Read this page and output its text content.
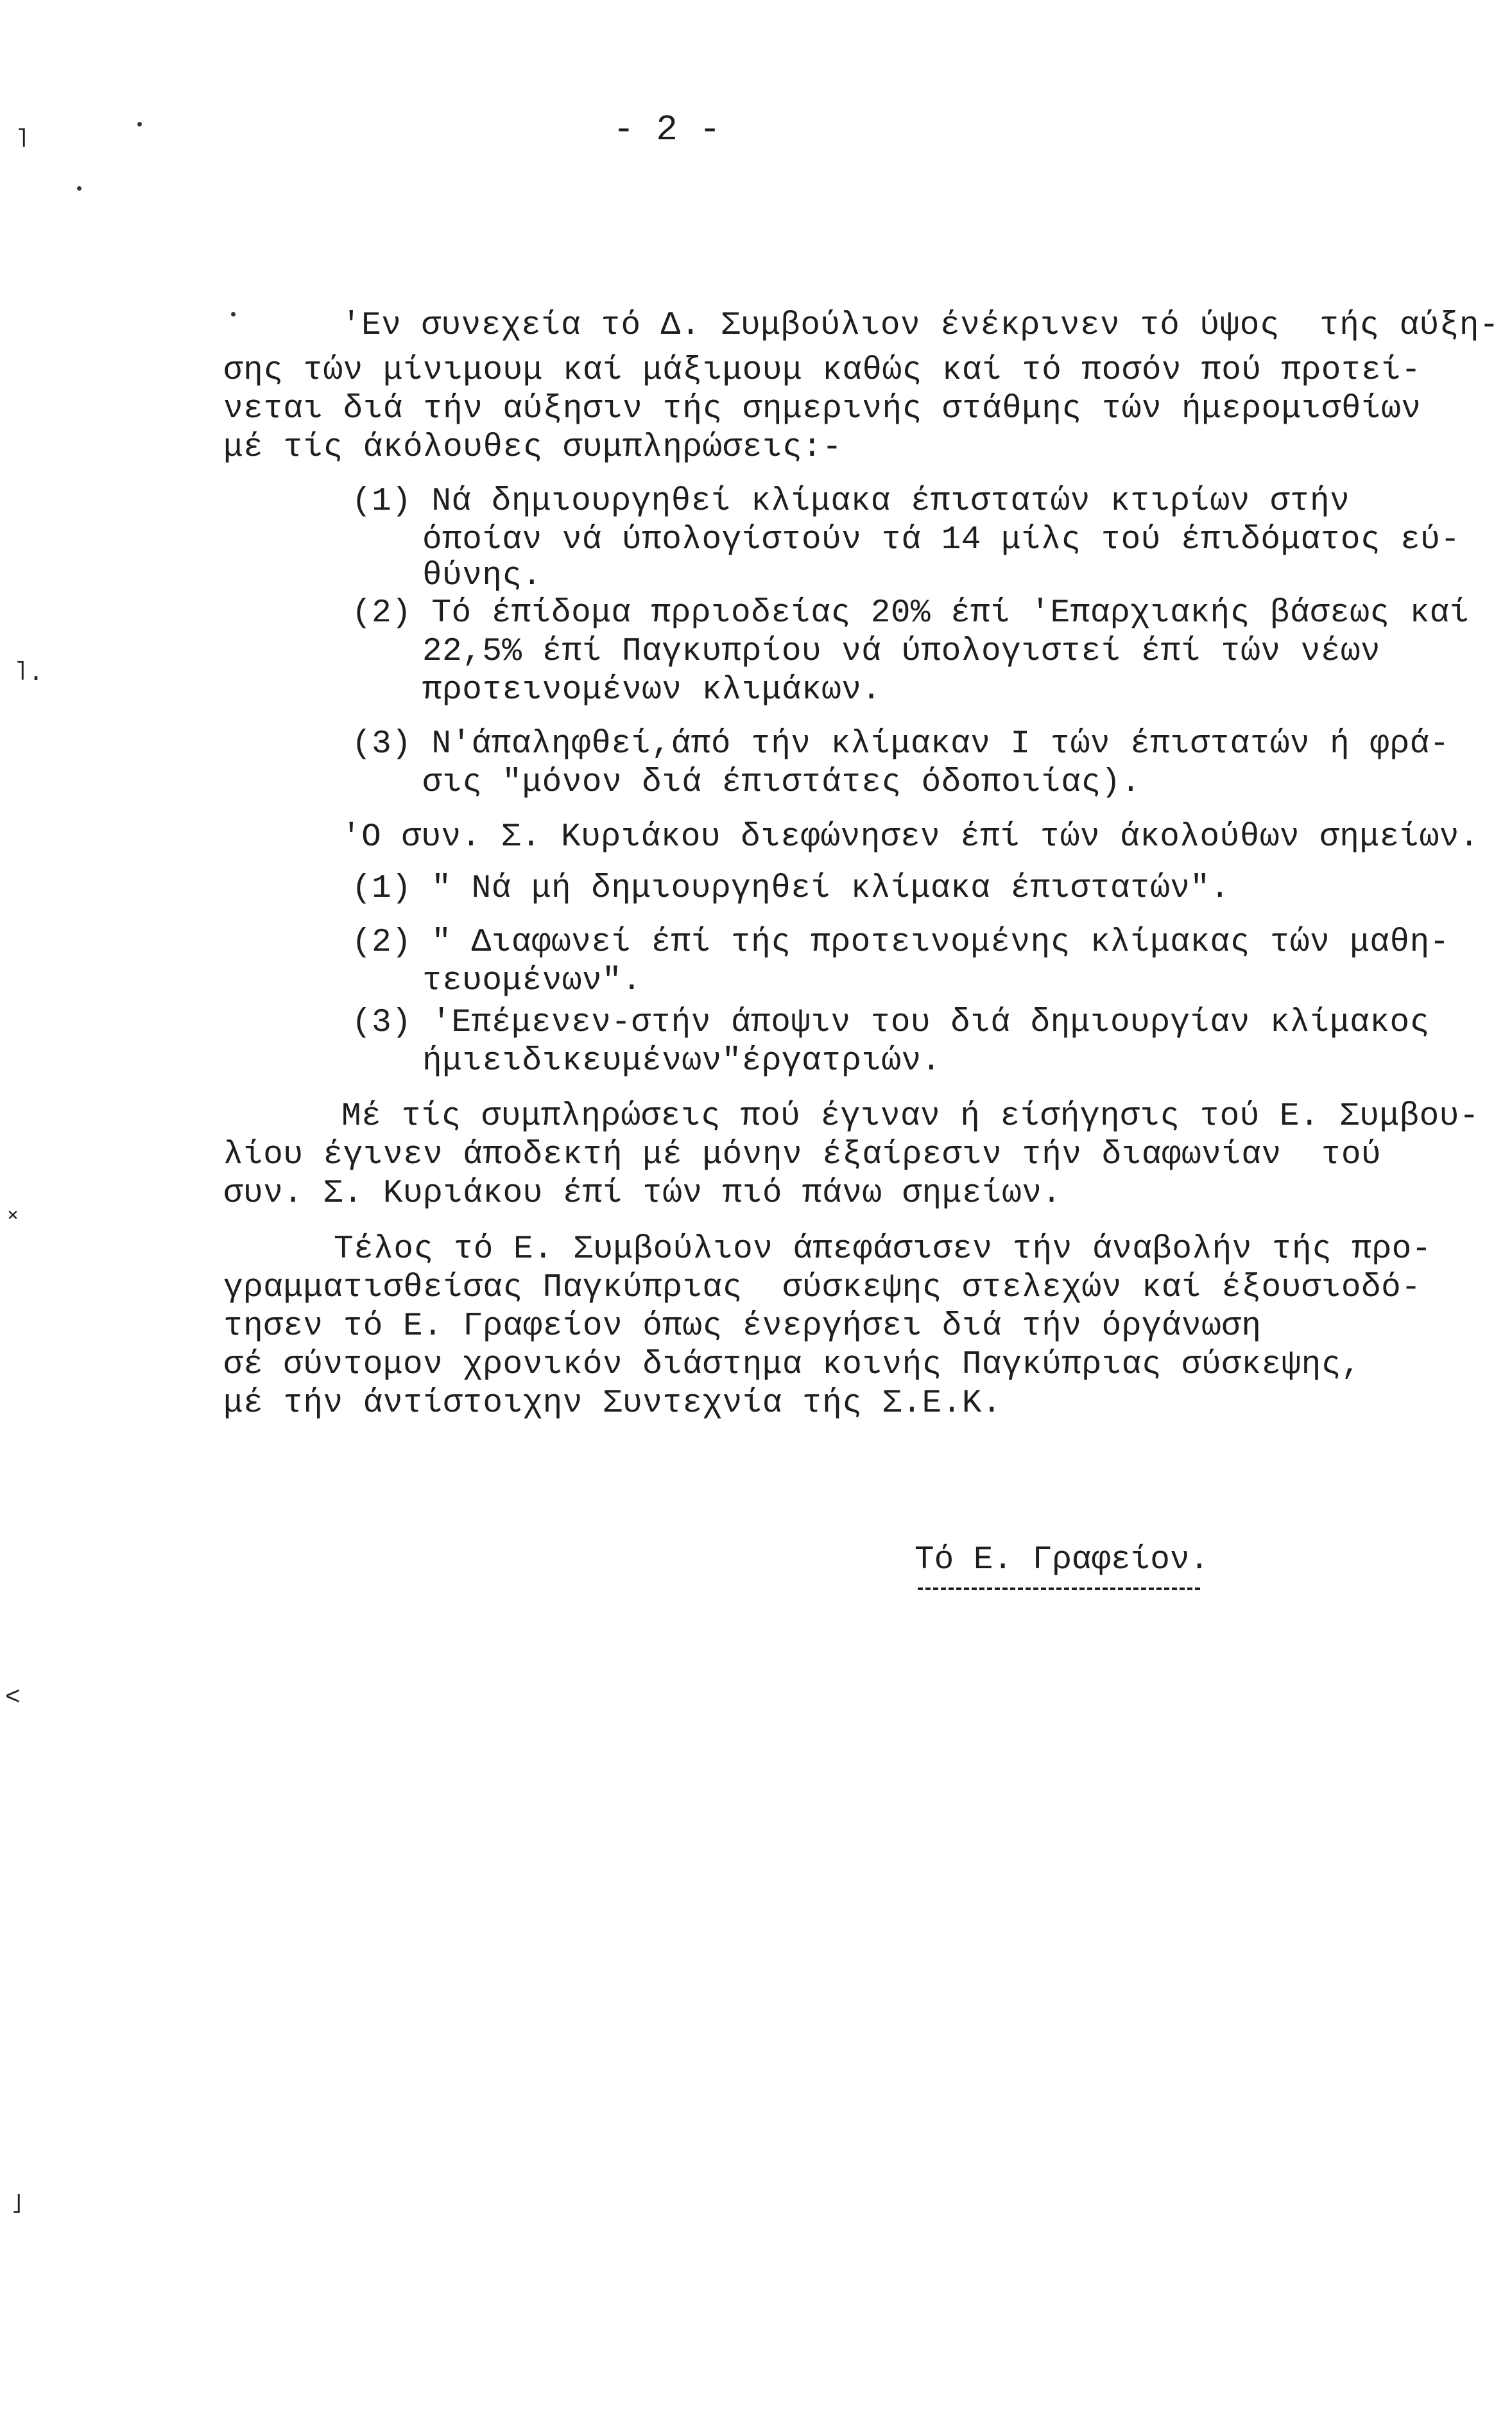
- 2 -
'Εν συνεχεία τό Δ. Συμβούλιον ένέκρινεν τό ύψος  τής αύξη-
σης τών μίνιμουμ καί μάξιμουμ καθώς καί τό ποσόν πού προτεί-
νεται διά τήν αύξησιν τής σημερινής στάθμης τών ήμερομισθίων
μέ τίς άκόλουθες συμπληρώσεις:-
(1) Νά δημιουργηθεί κλίμακα έπιστατών κτιρίων στήν
όποίαν νά ύπολογίστούν τά 14 μίλς τού έπιδόματος εύ-
θύνης.
(2) Τό έπίδομα πρριοδείας 20% έπί 'Επαρχιακής βάσεως καί
22,5% έπί Παγκυπρίου νά ύπολογιστεί έπί τών νέων
προτεινομένων κλιμάκων.
(3) Ν'άπαληφθεί,άπό τήν κλίμακαν Ι τών έπιστατών ή φρά-
σις "μόνον διά έπιστάτες όδοποιίας).
'Ο συν. Σ. Κυριάκου διεφώνησεν έπί τών άκολούθων σημείων.
(1) " Νά μή δημιουργηθεί κλίμακα έπιστατών".
(2) " Διαφωνεί έπί τής προτεινομένης κλίμακας τών μαθη-
τευομένων".
(3) 'Επέμενεν-στήν άποψιν του διά δημιουργίαν κλίμακος
ήμιειδικευμένων"έργατριών.
Μέ τίς συμπληρώσεις πού έγιναν ή είσήγησις τού Ε. Συμβου-
λίου έγινεν άποδεκτή μέ μόνην έξαίρεσιν τήν διαφωνίαν  τού
συν. Σ. Κυριάκου έπί τών πιό πάνω σημείων.
Τέλος τό Ε. Συμβούλιον άπεφάσισεν τήν άναβολήν τής προ-
γραμματισθείσας Παγκύπριας  σύσκεψης στελεχών καί έξουσιοδό-
τησεν τό Ε. Γραφείον όπως ένεργήσει διά τήν όργάνωση
σέ σύντομον χρονικόν διάστημα κοινής Παγκύπριας σύσκεψης,
μέ τήν άντίστοιχην Συντεχνία τής Σ.Ε.Κ.
Τό Ε. Γραφείον.
˥
˥.
˟
˂
˩
